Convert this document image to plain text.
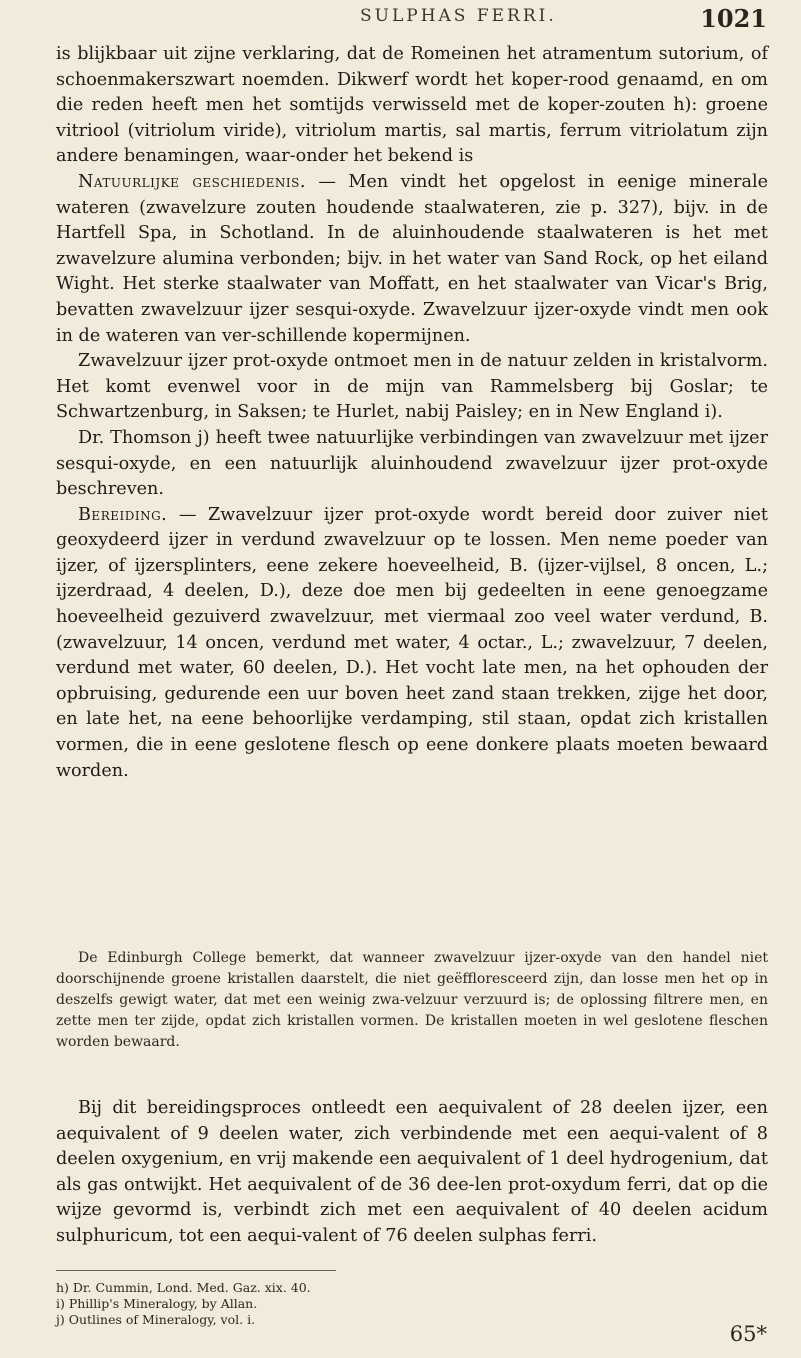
SULPHAS FERRI.	1021

is blijkbaar uit zijne verklaring, dat de Romeinen het atramentum sutorium, of schoenmakerszwart noemden. Dikwerf wordt het koper-rood genaamd, en om die reden heeft men het somtijds verwisseld met de koper-zouten h): groene vitriool (vitriolum viride), vitriolum martis, sal martis, ferrum vitriolatum zijn andere benamingen, waar-onder het bekend is

Natuurlijke geschiedenis. — Men vindt het opgelost in eenige minerale wateren (zwavelzure zouten houdende staalwateren, zie p. 327), bijv. in de Hartfell Spa, in Schotland. In de aluinhoudende staalwateren is het met zwavelzure alumina verbonden; bijv. in het water van Sand Rock, op het eiland Wight. Het sterke staalwater van Moffatt, en het staalwater van Vicar's Brig, bevatten zwavelzuur ijzer sesqui-oxyde. Zwavelzuur ijzer-oxyde vindt men ook in de wateren van ver-schillende kopermijnen.

Zwavelzuur ijzer prot-oxyde ontmoet men in de natuur zelden in kristalvorm. Het komt evenwel voor in de mijn van Rammelsberg bij Goslar; te Schwartzenburg, in Saksen; te Hurlet, nabij Paisley; en in New England i).

Dr. Thomson j) heeft twee natuurlijke verbindingen van zwavelzuur met ijzer sesqui-oxyde, en een natuurlijk aluinhoudend zwavelzuur ijzer prot-oxyde beschreven.

Bereiding. — Zwavelzuur ijzer prot-oxyde wordt bereid door zuiver niet geoxydeerd ijzer in verdund zwavelzuur op te lossen. Men neme poeder van ijzer, of ijzersplinters, eene zekere hoeveelheid, B. (ijzer-vijlsel, 8 oncen, L.; ijzerdraad, 4 deelen, D.), deze doe men bij gedeelten in eene genoegzame hoeveelheid gezuiverd zwavelzuur, met viermaal zoo veel water verdund, B. (zwavelzuur, 14 oncen, verdund met water, 4 octar., L.; zwavelzuur, 7 deelen, verdund met water, 60 deelen, D.). Het vocht late men, na het ophouden der opbruising, gedurende een uur boven heet zand staan trekken, zijge het door, en late het, na eene behoorlijke verdamping, stil staan, opdat zich kristallen vormen, die in eene geslotene flesch op eene donkere plaats moeten bewaard worden.

De Edinburgh College bemerkt, dat wanneer zwavelzuur ijzer-oxyde van den handel niet doorschijnende groene kristallen daarstelt, die niet geëffloresceerd zijn, dan losse men het op in deszelfs gewigt water, dat met een weinig zwa-velzuur verzuurd is; de oplossing filtrere men, en zette men ter zijde, opdat zich kristallen vormen. De kristallen moeten in wel geslotene fleschen worden bewaard.

Bij dit bereidingsproces ontleedt een aequivalent of 28 deelen ijzer, een aequivalent of 9 deelen water, zich verbindende met een aequi-valent of 8 deelen oxygenium, en vrij makende een aequivalent of 1 deel hydrogenium, dat als gas ontwijkt. Het aequivalent of de 36 dee-len prot-oxydum ferri, dat op die wijze gevormd is, verbindt zich met een aequivalent of 40 deelen acidum sulphuricum, tot een aequi-valent of 76 deelen sulphas ferri.

h) Dr. Cummin, Lond. Med. Gaz. xix. 40.
i) Phillip's Mineralogy, by Allan.
j) Outlines of Mineralogy, vol. i.
65*
